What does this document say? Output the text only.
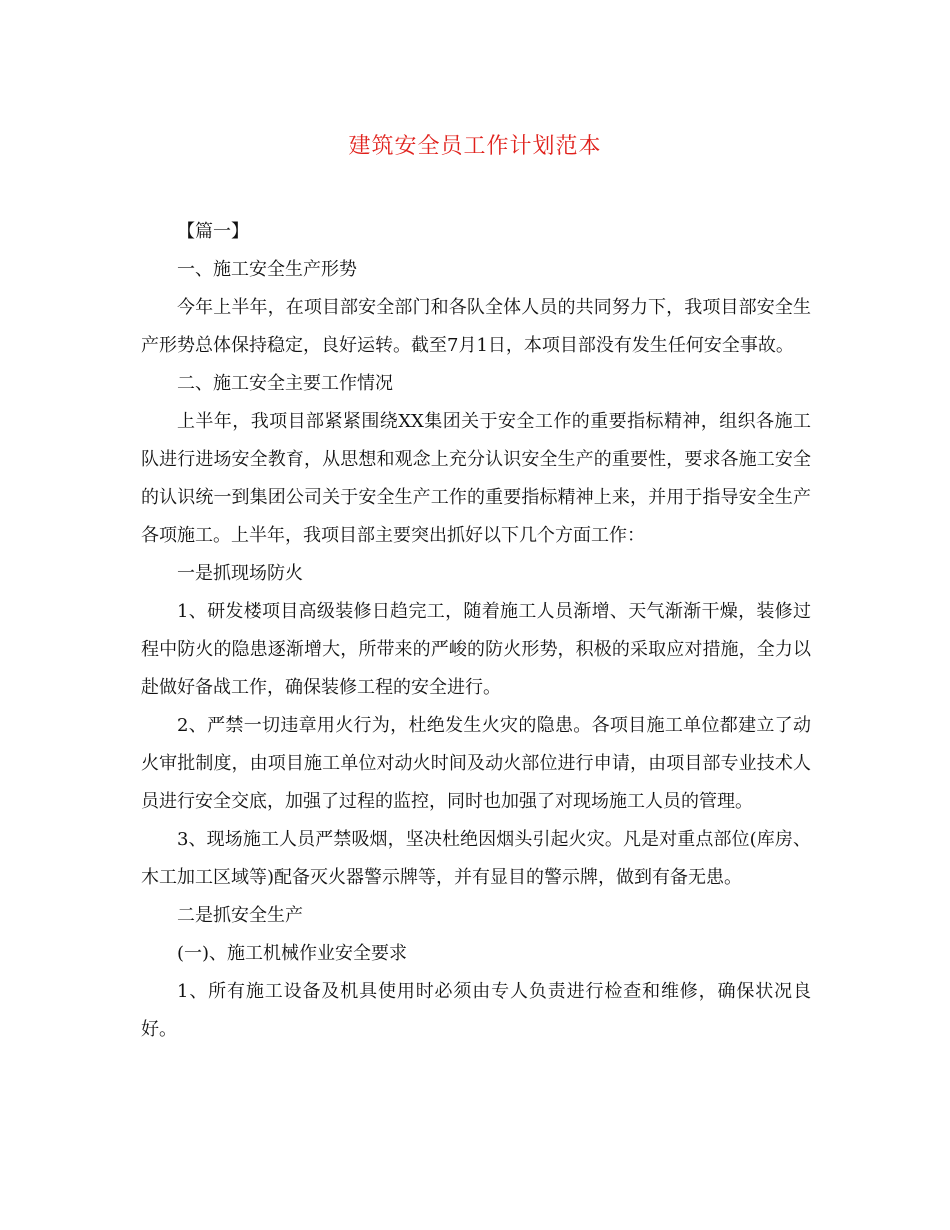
建筑安全员工作计划范本

【篇一】

一、施工安全生产形势

今年上半年，在项目部安全部门和各队全体人员的共同努力下，我项目部安全生产形势总体保持稳定，良好运转。截至7月1日，本项目部没有发生任何安全事故。

二、施工安全主要工作情况

上半年，我项目部紧紧围绕XX集团关于安全工作的重要指标精神，组织各施工队进行进场安全教育，从思想和观念上充分认识安全生产的重要性，要求各施工安全的认识统一到集团公司关于安全生产工作的重要指标精神上来，并用于指导安全生产各项施工。上半年，我项目部主要突出抓好以下几个方面工作：

一是抓现场防火

1、研发楼项目高级装修日趋完工，随着施工人员渐增、天气渐渐干燥，装修过程中防火的隐患逐渐增大，所带来的严峻的防火形势，积极的采取应对措施，全力以赴做好备战工作，确保装修工程的安全进行。

2、严禁一切违章用火行为，杜绝发生火灾的隐患。各项目施工单位都建立了动火审批制度，由项目施工单位对动火时间及动火部位进行申请，由项目部专业技术人员进行安全交底，加强了过程的监控，同时也加强了对现场施工人员的管理。

3、现场施工人员严禁吸烟，坚决杜绝因烟头引起火灾。凡是对重点部位(库房、木工加工区域等)配备灭火器警示牌等，并有显目的警示牌，做到有备无患。

二是抓安全生产

(一)、施工机械作业安全要求

1、所有施工设备及机具使用时必须由专人负责进行检查和维修，确保状况良好。
